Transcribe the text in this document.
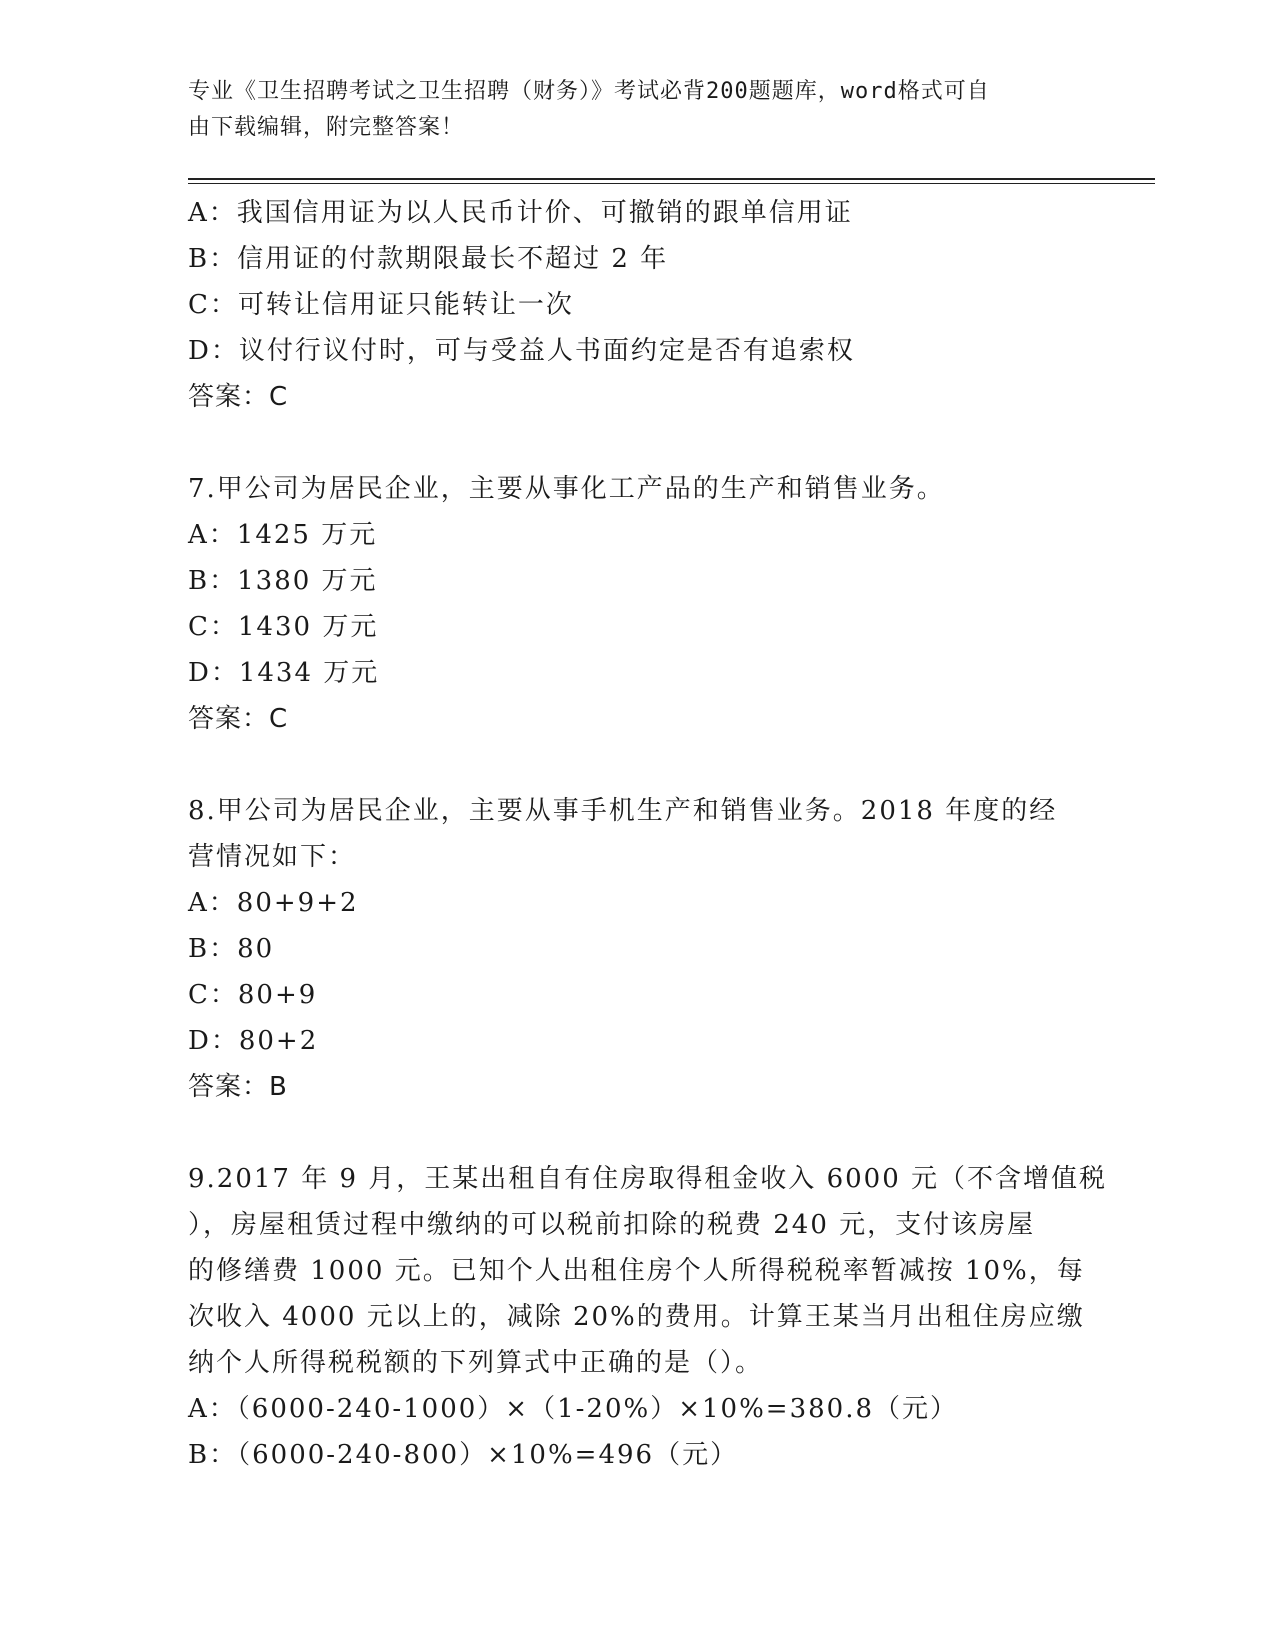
专业《卫生招聘考试之卫生招聘（财务）》考试必背200题题库，word格式可自
由下载编辑，附完整答案！
A：我国信用证为以人民币计价、可撤销的跟单信用证
B：信用证的付款期限最长不超过 2 年
C：可转让信用证只能转让一次
D：议付行议付时，可与受益人书面约定是否有追索权
答案：C
7.甲公司为居民企业，主要从事化工产品的生产和销售业务。
A：1425 万元
B：1380 万元
C：1430 万元
D：1434 万元
答案：C
8.甲公司为居民企业，主要从事手机生产和销售业务。2018 年度的经
营情况如下：
A：80+9+2
B：80
C：80+9
D：80+2
答案：B
9.2017 年 9 月，王某出租自有住房取得租金收入 6000 元（不含增值税
），房屋租赁过程中缴纳的可以税前扣除的税费 240 元，支付该房屋
的修缮费 1000 元。已知个人出租住房个人所得税税率暂减按 10%，每
次收入 4000 元以上的，减除 20%的费用。计算王某当月出租住房应缴
纳个人所得税税额的下列算式中正确的是（）。
A：（6000-240-1000）×（1-20%）×10%=380.8（元）
B：（6000-240-800）×10%=496（元）
